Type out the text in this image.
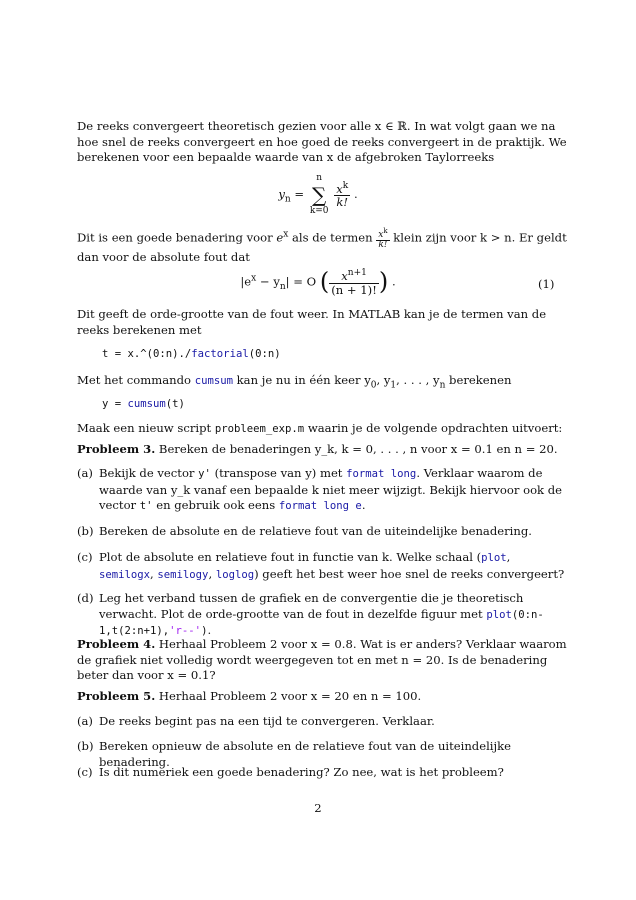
De reeks convergeert theoretisch gezien voor alle x ∈ ℝ. In wat volgt gaan we na hoe snel de reeks convergeert en hoe goed de reeks convergeert in de praktijk. We berekenen voor een bepaalde waarde van x de afgebroken Taylorreeks
$y_n$ =
n
∑
k=0

$\frac{x^k}{k!}$ .
Dit is een goede benadering voor $e^x$ als de termen $\frac{x^k}{k!}$ klein zijn voor k > n. Er geldt dan voor de absolute fout dat
$|e^x - y_n| = O$ ( $\frac{x^{n+1}}{(n + 1)!}$ ) .	(1)
Dit geeft de orde-grootte van de fout weer. In MATLAB kan je de termen van de reeks berekenen met
t = x.^(0:n)./factorial(0:n)
Met het commando cumsum kan je nu in één keer $y_0$, $y_1$, . . . , $y_n$ berekenen
y = cumsum(t)
Maak een nieuw script probleem_exp.m waarin je de volgende opdrachten uitvoert:
Probleem 3. Bereken de benaderingen y_k, k = 0, . . . , n voor x = 0.1 en n = 20.
(a) Bekijk de vector y' (transpose van y) met format long. Verklaar waarom de waarde van y_k vanaf een bepaalde k niet meer wijzigt. Bekijk hiervoor ook de vector t' en gebruik ook eens format long e.
(b) Bereken de absolute en de relatieve fout van de uiteindelijke benadering.
(c) Plot de absolute en relatieve fout in functie van k. Welke schaal (plot, semilogx, semilogy, loglog) geeft het best weer hoe snel de reeks convergeert?
(d) Leg het verband tussen de grafiek en de convergentie die je theoretisch verwacht. Plot de orde-grootte van de fout in dezelfde figuur met plot(0:n-1,t(2:n+1),'r--').
Probleem 4. Herhaal Probleem 2 voor x = 0.8. Wat is er anders? Verklaar waarom de grafiek niet volledig wordt weergegeven tot en met n = 20. Is de benadering beter dan voor x = 0.1?
Probleem 5. Herhaal Probleem 2 voor x = 20 en n = 100.
(a) De reeks begint pas na een tijd te convergeren. Verklaar.
(b) Bereken opnieuw de absolute en de relatieve fout van de uiteindelijke benadering.
(c) Is dit numeriek een goede benadering? Zo nee, wat is het probleem?
2
